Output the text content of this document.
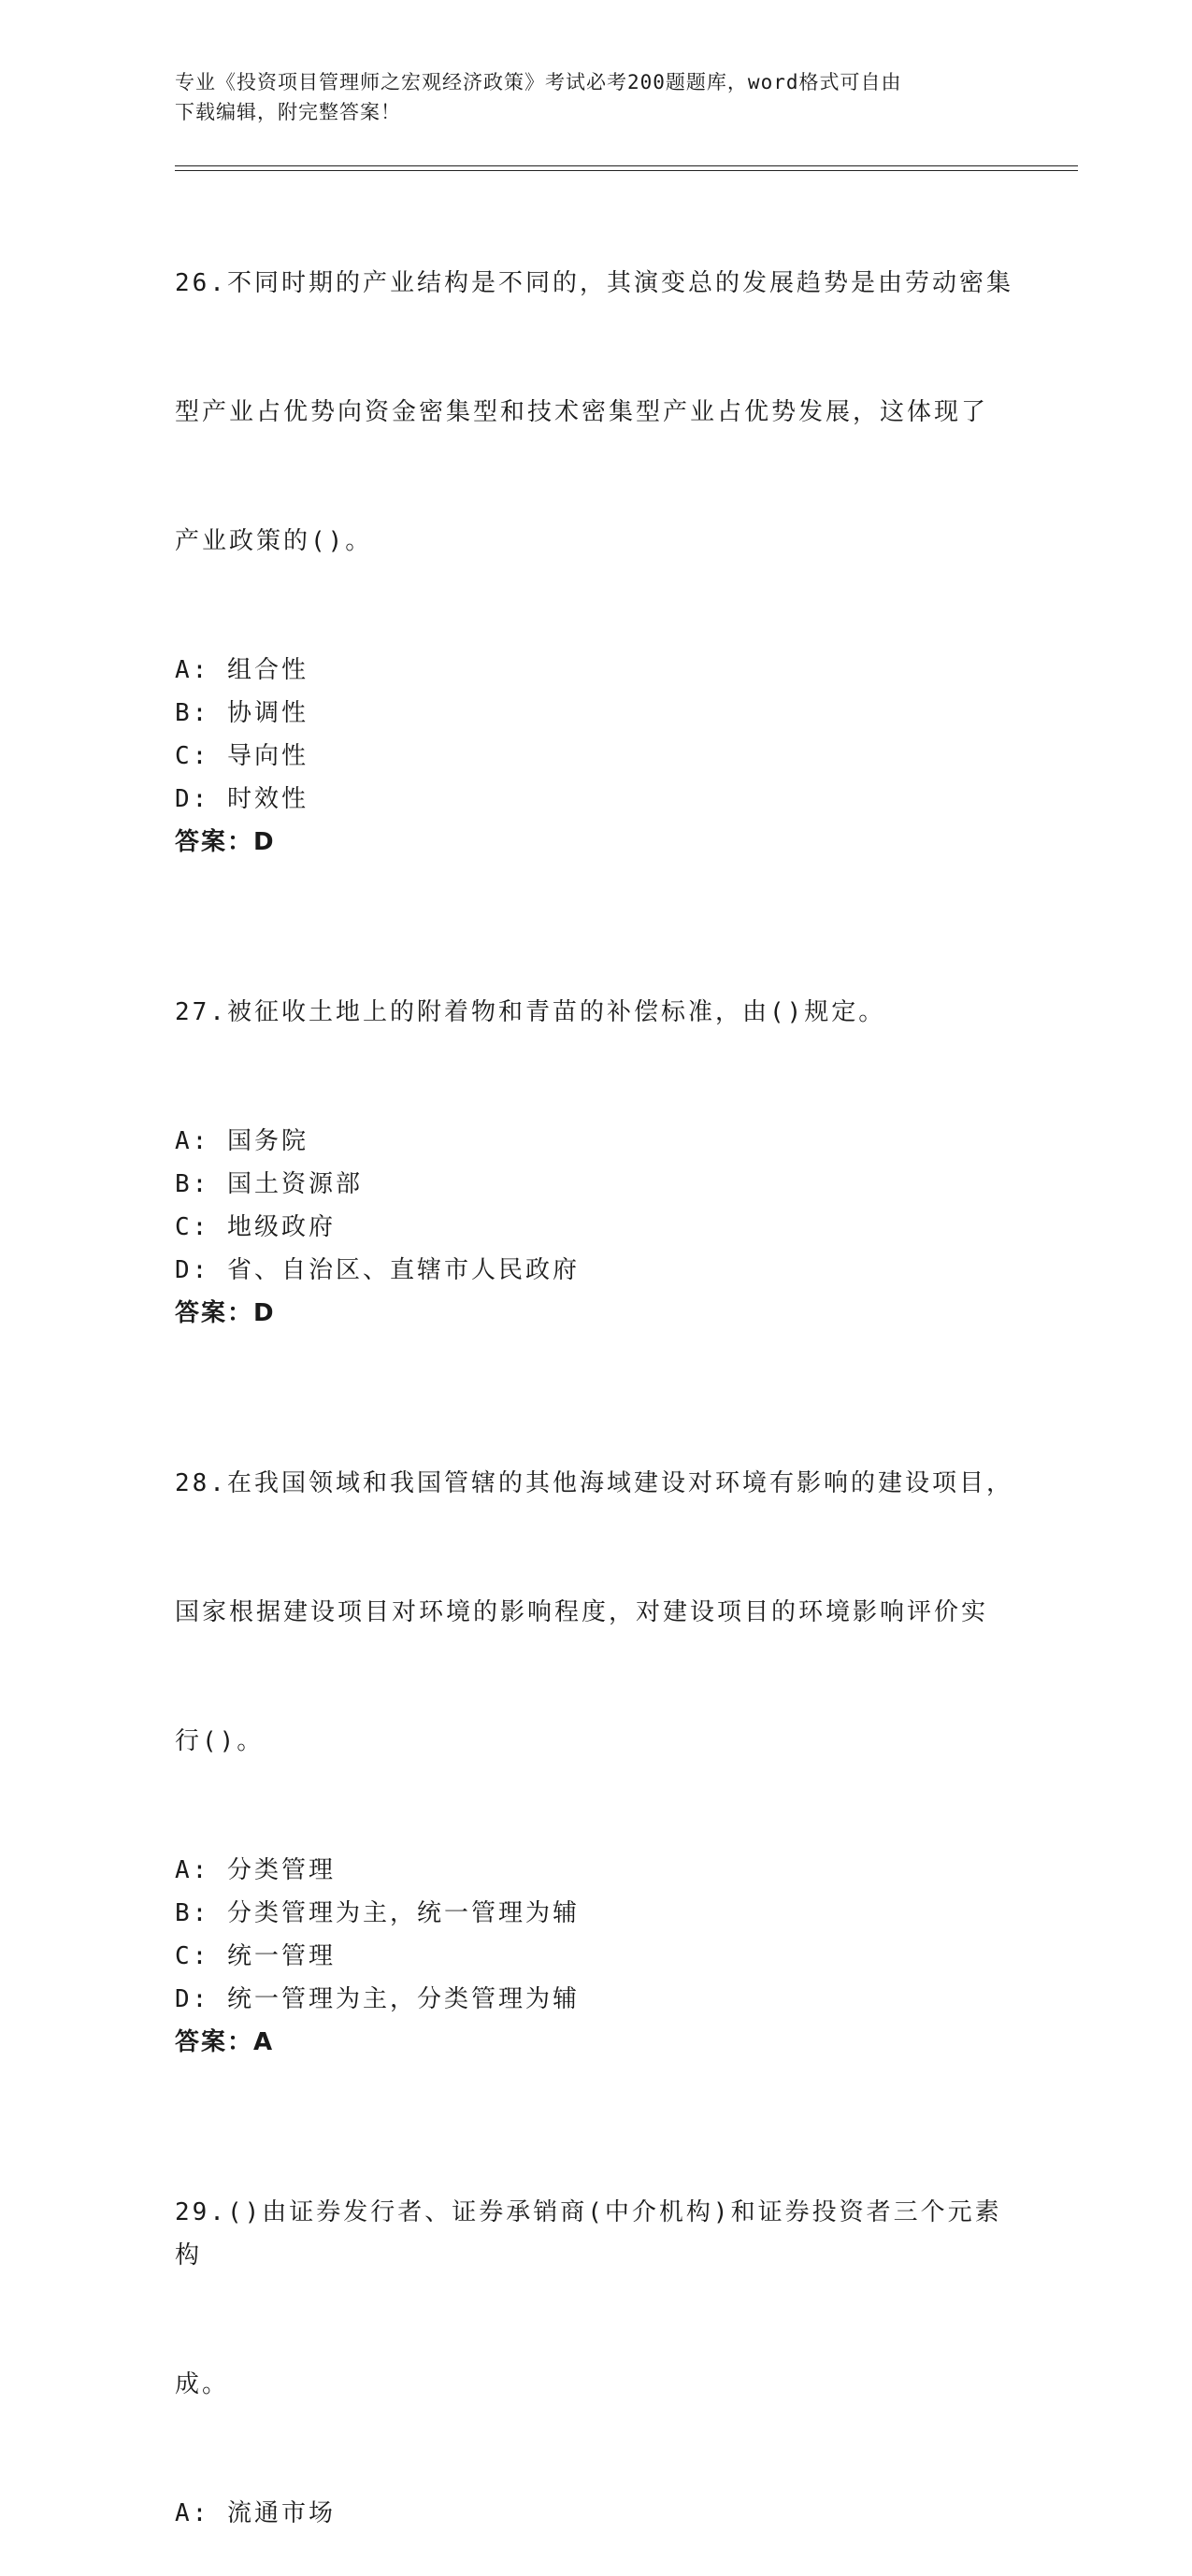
专业《投资项目管理师之宏观经济政策》考试必考200题题库，word格式可自由
下载编辑，附完整答案！

26.不同时期的产业结构是不同的，其演变总的发展趋势是由劳动密集

型产业占优势向资金密集型和技术密集型产业占优势发展，这体现了

产业政策的()。

A: 组合性
B: 协调性
C: 导向性
D: 时效性
答案：D

27.被征收土地上的附着物和青苗的补偿标准，由()规定。

A: 国务院
B: 国土资源部
C: 地级政府
D: 省、自治区、直辖市人民政府
答案：D

28.在我国领域和我国管辖的其他海域建设对环境有影响的建设项目，

国家根据建设项目对环境的影响程度，对建设项目的环境影响评价实

行()。

A: 分类管理
B: 分类管理为主，统一管理为辅
C: 统一管理
D: 统一管理为主，分类管理为辅
答案：A

29.()由证券发行者、证券承销商(中介机构)和证券投资者三个元素构

成。

A: 流通市场
